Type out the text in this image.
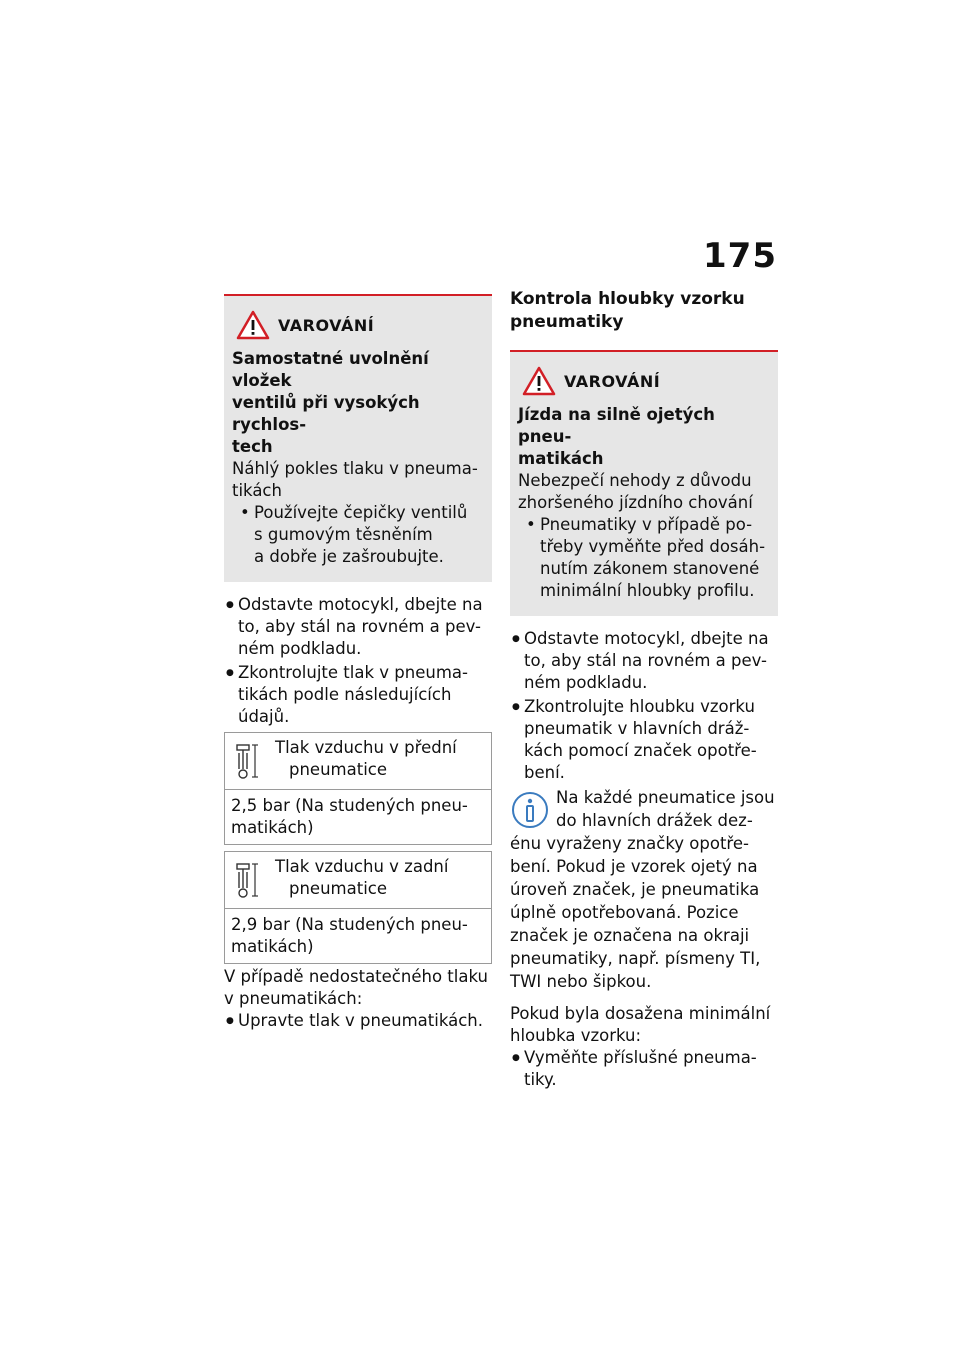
175
VAROVÁNÍ
Samostatné uvolnění vložek
ventilů při vysokých rychlos-
tech
Náhlý pokles tlaku v pneuma-
tikách
• Používejte čepičky ventilů
s gumovým těsněním
a dobře je zašroubujte.
● Odstavte motocykl, dbejte na
to, aby stál na rovném a pev-
ném podkladu.
● Zkontrolujte tlak v pneuma-
tikách podle následujících
údajů.
Tlak vzduchu v přední
pneumatice
2,5 bar (Na studených pneu-
matikách)
Tlak vzduchu v zadní
pneumatice
2,9 bar (Na studených pneu-
matikách)
V případě nedostatečného tlaku
v pneumatikách:
● Upravte tlak v pneumatikách.
Kontrola hloubky vzorku
pneumatiky
VAROVÁNÍ
Jízda na silně ojetých pneu-
matikách
Nebezpečí nehody z důvodu
zhoršeného jízdního chování
• Pneumatiky v případě po-
třeby vyměňte před dosáh-
nutím zákonem stanovené
minimální hloubky profilu.
● Odstavte motocykl, dbejte na
to, aby stál na rovném a pev-
ném podkladu.
● Zkontrolujte hloubku vzorku
pneumatik v hlavních dráž-
kách pomocí značek opotře-
bení.
Na každé pneumatice jsou
do hlavních drážek dez-
énu vyraženy značky opotře-
bení. Pokud je vzorek ojetý na
úroveň značek, je pneumatika
úplně opotřebovaná. Pozice
značek je označena na okraji
pneumatiky, např. písmeny TI,
TWI nebo šipkou.
Pokud byla dosažena minimální
hloubka vzorku:
● Vyměňte příslušné pneuma-
tiky.
